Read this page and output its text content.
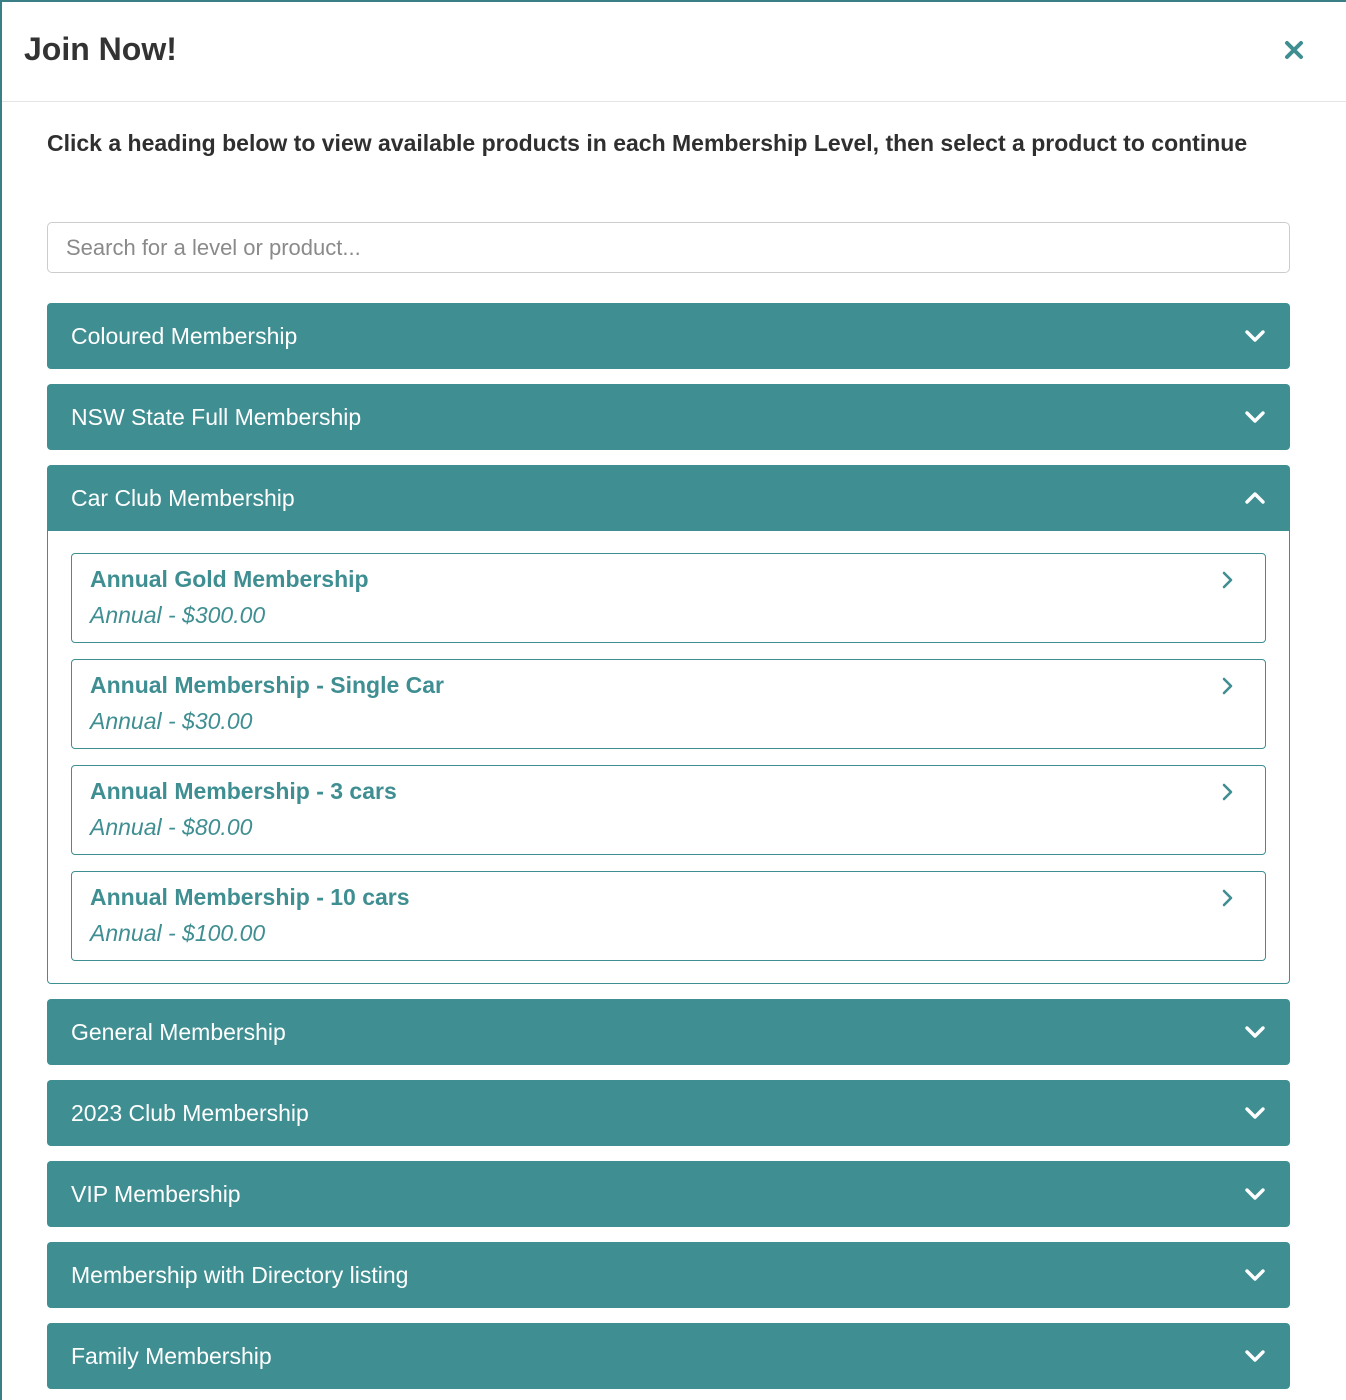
Join Now!

Click a heading below to view available products in each Membership Level, then select a product to continue

Search for a level or product...
Coloured Membership
NSW State Full Membership
Car Club Membership
Annual Gold Membership
Annual - $300.00
Annual Membership - Single Car
Annual - $30.00
Annual Membership - 3 cars
Annual - $80.00
Annual Membership - 10 cars
Annual - $100.00
General Membership
2023 Club Membership
VIP Membership
Membership with Directory listing
Family Membership
